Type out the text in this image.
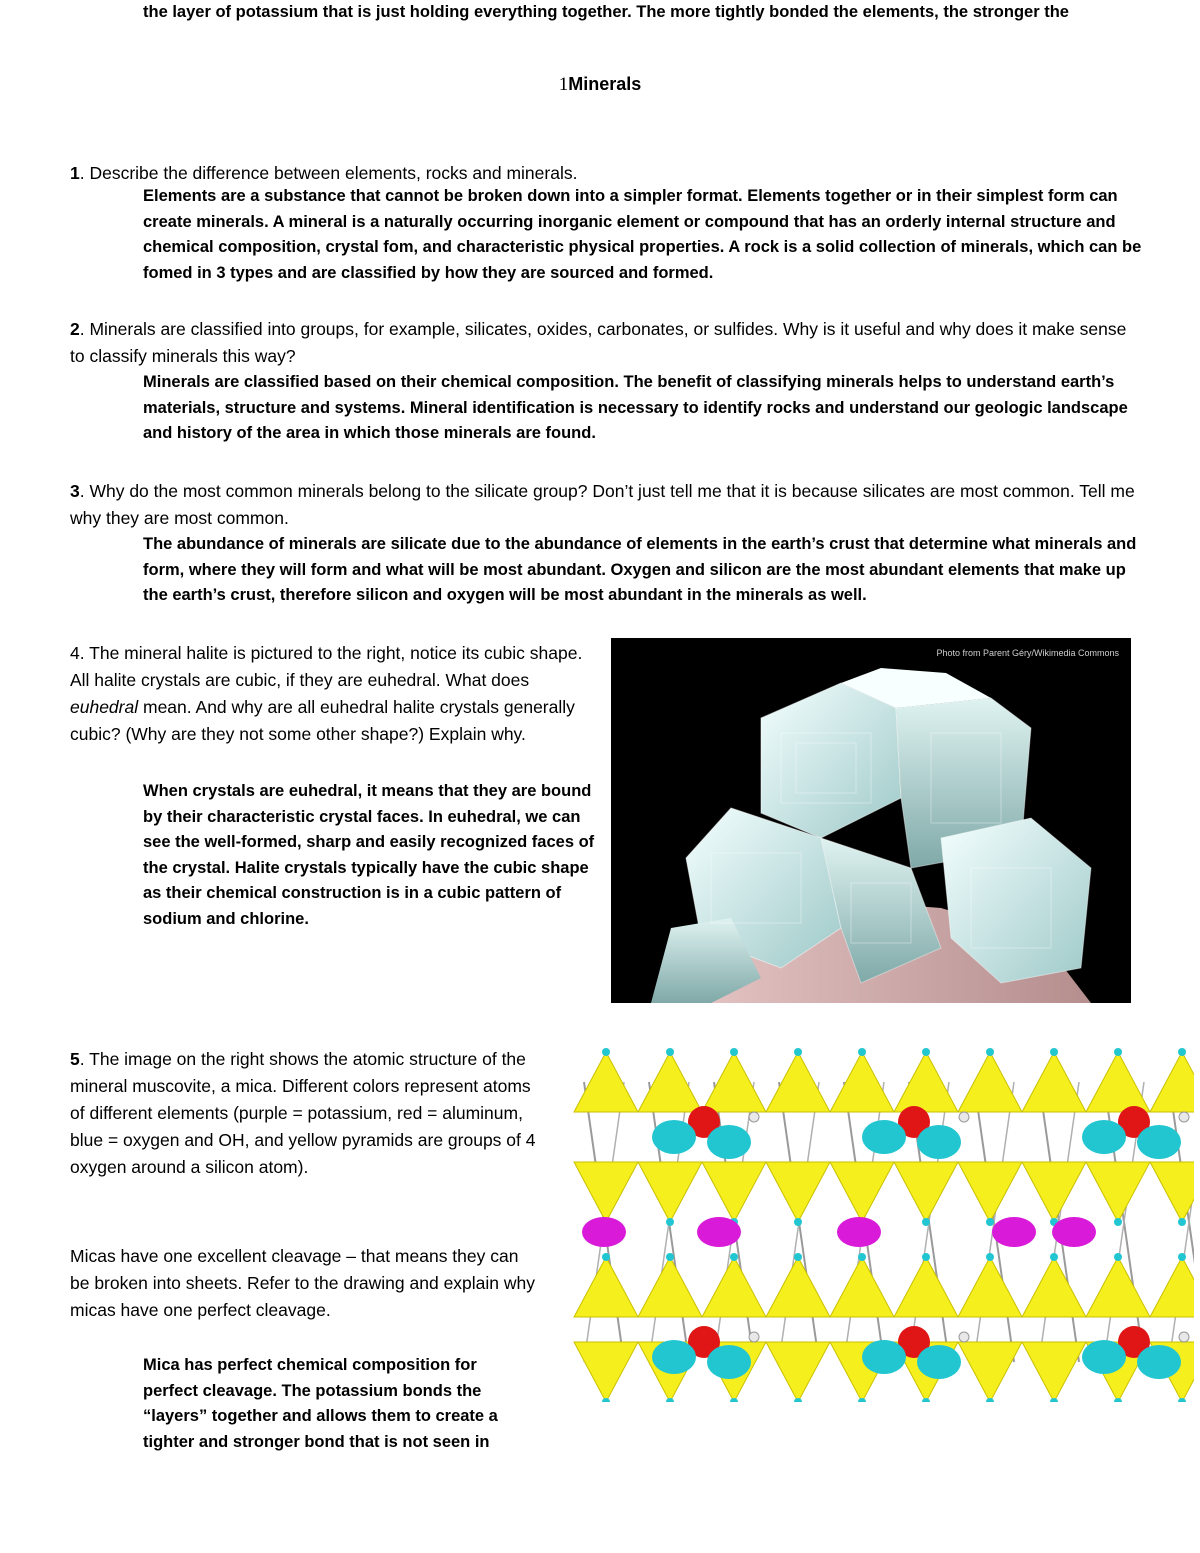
1Minerals
1. Describe the difference between elements, rocks and minerals.
Elements are a substance that cannot be broken down into a simpler format. Elements together or in their simplest form can create minerals. A mineral is a naturally occurring inorganic element or compound that has an orderly internal structure and chemical composition, crystal fom, and characteristic physical properties. A rock is a solid collection of minerals, which can be fomed in 3 types and are classified by how they are sourced and formed.
2. Minerals are classified into groups, for example, silicates, oxides, carbonates, or sulfides. Why is it useful and why does it make sense to classify minerals this way?
Minerals are classified based on their chemical composition. The benefit of classifying minerals helps to understand earth’s materials, structure and systems. Mineral identification is necessary to identify rocks and understand our geologic landscape and history of the area in which those minerals are found.
3. Why do the most common minerals belong to the silicate group? Don’t just tell me that it is because silicates are most common. Tell me why they are most common.
The abundance of minerals are silicate due to the abundance of elements in the earth’s crust that determine what minerals and form, where they will form and what will be most abundant. Oxygen and silicon are the most abundant elements that make up the earth’s crust, therefore silicon and oxygen will be most abundant in the minerals as well.
4. The mineral halite is pictured to the right, notice its cubic shape. All halite crystals are cubic, if they are euhedral. What does euhedral mean. And why are all euhedral halite crystals generally cubic? (Why are they not some other shape?) Explain why.
When crystals are euhedral, it means that they are bound by their characteristic crystal faces. In euhedral, we can see the well-formed, sharp and easily recognized faces of the crystal. Halite crystals typically have the cubic shape as their chemical construction is in a cubic pattern of sodium and chlorine.
Photo from Parent Géry/Wikimedia Commons
5. The image on the right shows the atomic structure of the mineral muscovite, a mica. Different colors represent atoms of different elements (purple = potassium, red = aluminum, blue = oxygen and OH, and yellow pyramids are groups of 4 oxygen around a silicon atom).
Micas have one excellent cleavage – that means they can be broken into sheets. Refer to the drawing and explain why micas have one perfect cleavage.
Mica has perfect chemical composition for perfect cleavage. The potassium bonds the “layers” together and allows them to create a tighter and stronger bond that is not seen in
the layer of potassium that is just holding everything together. The more tightly bonded the elements, the stronger the
